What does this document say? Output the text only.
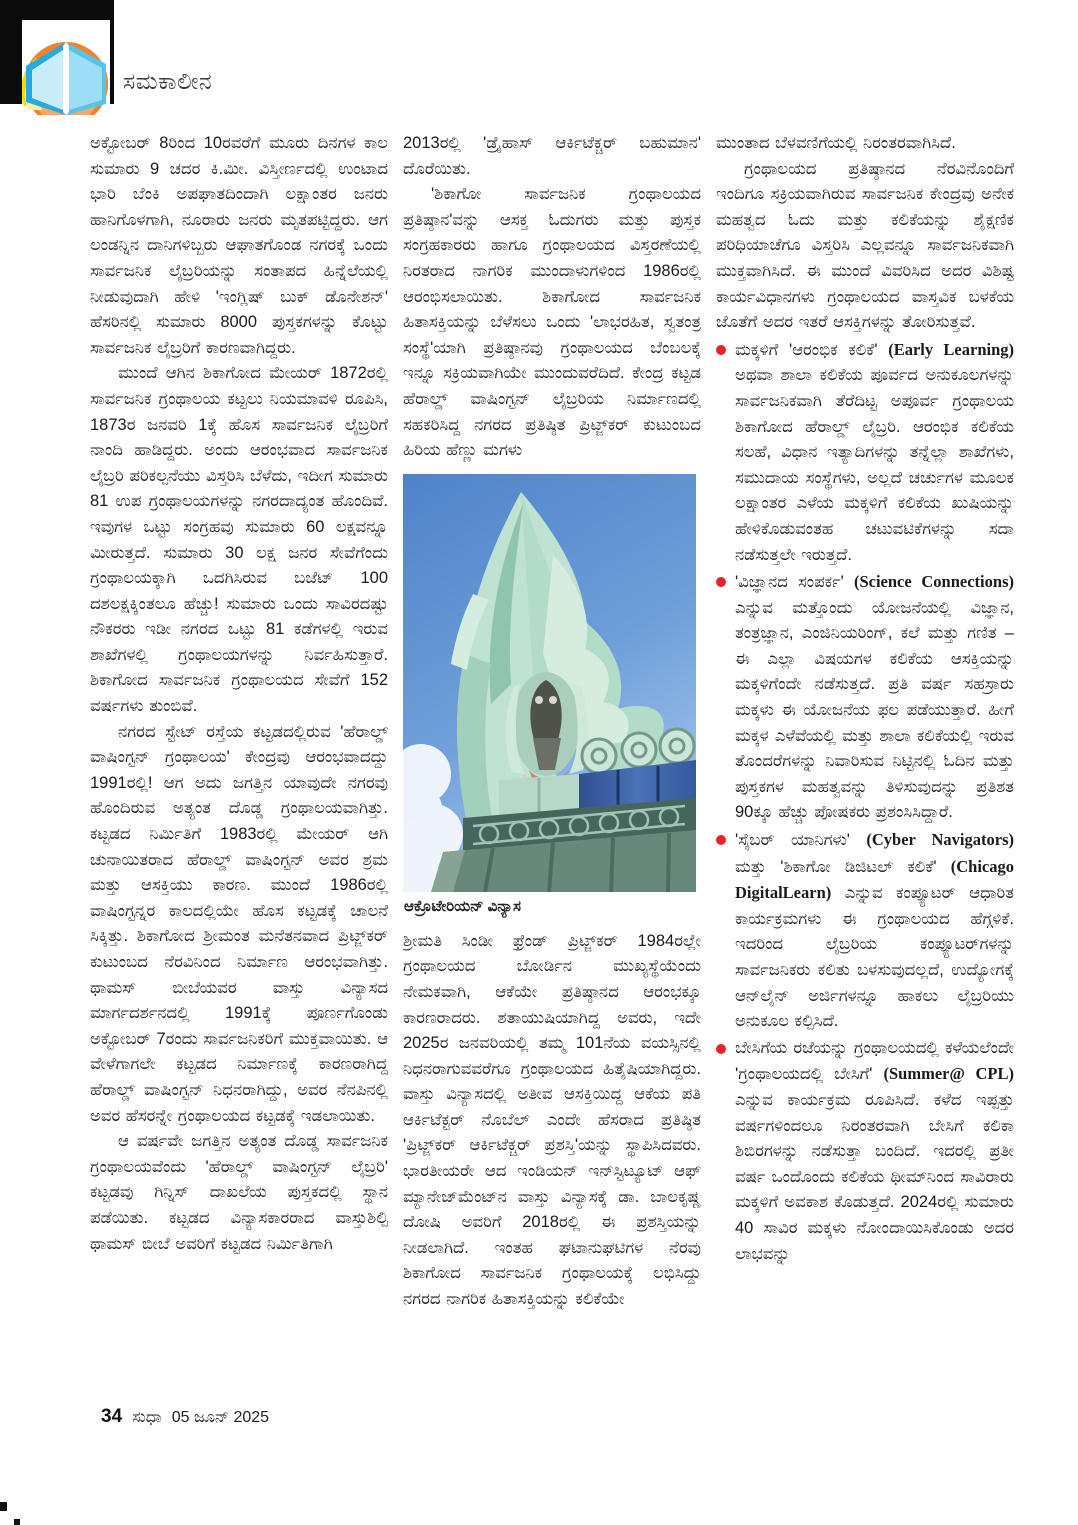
ಸಮಕಾಲೀನ

ಅಕ್ಟೋಬರ್ 8ರಿಂದ 10ರವರೆಗೆ ಮೂರು ದಿನಗಳ ಕಾಲ ಸುಮಾರು 9 ಚದರ ಕಿ.ಮೀ. ವಿಸ್ತೀರ್ಣದಲ್ಲಿ ಉಂಟಾದ ಭಾರಿ ಬೆಂಕಿ ಅಪಘಾತದಿಂದಾಗಿ ಲಕ್ಷಾಂತರ ಜನರು ಹಾನಿಗೊಳಗಾಗಿ, ನೂರಾರು ಜನರು ಮೃತಪಟ್ಟಿದ್ದರು. ಆಗ ಲಂಡನ್ನಿನ ದಾನಿಗಳಿಬ್ಬರು ಆಘಾತಗೊಂಡ ನಗರಕ್ಕೆ ಒಂದು ಸಾರ್ವಜನಿಕ ಲೈಬ್ರರಿಯನ್ನು ಸಂತಾಪದ ಹಿನ್ನೆಲೆಯಲ್ಲಿ ನೀಡುವುದಾಗಿ ಹೇಳಿ 'ಇಂಗ್ಲಿಷ್ ಬುಕ್ ಡೊನೇಶನ್' ಹೆಸರಿನಲ್ಲಿ ಸುಮಾರು 8000 ಪುಸ್ತಕಗಳನ್ನು ಕೊಟ್ಟು ಸಾರ್ವಜನಿಕ ಲೈಬ್ರರಿಗೆ ಕಾರಣವಾಗಿದ್ದರು.

ಮುಂದೆ ಆಗಿನ ಶಿಕಾಗೋದ ಮೇಯರ್ 1872ರಲ್ಲಿ ಸಾರ್ವಜನಿಕ ಗ್ರಂಥಾಲಯ ಕಟ್ಟಲು ನಿಯಮಾವಳಿ ರೂಪಿಸಿ, 1873ರ ಜನವರಿ 1ಕ್ಕೆ ಹೊಸ ಸಾರ್ವಜನಿಕ ಲೈಬ್ರರಿಗೆ ನಾಂದಿ ಹಾಡಿದ್ದರು. ಅಂದು ಆರಂಭವಾದ ಸಾರ್ವಜನಿಕ ಲೈಬ್ರರಿ ಪರಿಕಲ್ಪನೆಯು ವಿಸ್ತರಿಸಿ ಬೆಳೆದು, ಇದೀಗ ಸುಮಾರು 81 ಉಪ ಗ್ರಂಥಾಲಯಗಳನ್ನು ನಗರದಾದ್ಯಂತ ಹೊಂದಿವೆ. ಇವುಗಳ ಒಟ್ಟು ಸಂಗ್ರಹವು ಸುಮಾರು 60 ಲಕ್ಷವನ್ನೂ ಮೀರುತ್ತದೆ. ಸುಮಾರು 30 ಲಕ್ಷ ಜನರ ಸೇವೆಗೆಂದು ಗ್ರಂಥಾಲಯಕ್ಕಾಗಿ ಒದಗಿಸಿರುವ ಬಜೆಟ್ 100 ದಶಲಕ್ಷಕ್ಕಿಂತಲೂ ಹೆಚ್ಚು! ಸುಮಾರು ಒಂದು ಸಾವಿರದಷ್ಟು ನೌಕರರು ಇಡೀ ನಗರದ ಒಟ್ಟು 81 ಕಡೆಗಳಲ್ಲಿ ಇರುವ ಶಾಖೆಗಳಲ್ಲಿ ಗ್ರಂಥಾಲಯಗಳನ್ನು ನಿರ್ವಹಿಸುತ್ತಾರೆ. ಶಿಕಾಗೋದ ಸಾರ್ವಜನಿಕ ಗ್ರಂಥಾಲಯದ ಸೇವೆಗೆ 152 ವರ್ಷಗಳು ತುಂಬಿವೆ.

ನಗರದ ಸ್ಟೇಟ್ ರಸ್ತೆಯ ಕಟ್ಟಡದಲ್ಲಿರುವ 'ಹೆರಾಲ್ಡ್ ವಾಷಿಂಗ್ಟನ್ ಗ್ರಂಥಾಲಯ' ಕೇಂದ್ರವು ಆರಂಭವಾದದ್ದು 1991ರಲ್ಲಿ! ಆಗ ಅದು ಜಗತ್ತಿನ ಯಾವುದೇ ನಗರವು ಹೊಂದಿರುವ ಅತ್ಯಂತ ದೊಡ್ಡ ಗ್ರಂಥಾಲಯವಾಗಿತ್ತು. ಕಟ್ಟಡದ ನಿರ್ಮಿತಿಗೆ 1983ರಲ್ಲಿ ಮೇಯರ್ ಆಗಿ ಚುನಾಯಿತರಾದ ಹೆರಾಲ್ಡ್ ವಾಷಿಂಗ್ಟನ್ ಅವರ ಶ್ರಮ ಮತ್ತು ಆಸಕ್ತಿಯು ಕಾರಣ. ಮುಂದೆ 1986ರಲ್ಲಿ ವಾಷಿಂಗ್ಟನ್ನರ ಕಾಲದಲ್ಲಿಯೇ ಹೊಸ ಕಟ್ಟಡಕ್ಕೆ ಚಾಲನೆ ಸಿಕ್ಕಿತ್ತು. ಶಿಕಾಗೋದ ಶ್ರೀಮಂತ ಮನೆತನವಾದ ಪ್ರಿಟ್ಜ್‌ಕರ್ ಕುಟುಂಬದ ನೆರವಿನಿಂದ ನಿರ್ಮಾಣ ಆರಂಭವಾಗಿತ್ತು. ಥಾಮಸ್ ಬೀಬೆಯವರ ವಾಸ್ತು ವಿನ್ಯಾಸದ ಮಾರ್ಗದರ್ಶನದಲ್ಲಿ 1991ಕ್ಕೆ ಪೂರ್ಣಗೊಂಡು ಅಕ್ಟೋಬರ್ 7ರಂದು ಸಾರ್ವಜನಿಕರಿಗೆ ಮುಕ್ತವಾಯಿತು. ಆ ವೇಳೆಗಾಗಲೇ ಕಟ್ಟಡದ ನಿರ್ಮಾಣಕ್ಕೆ ಕಾರಣರಾಗಿದ್ದ ಹೆರಾಲ್ಡ್ ವಾಷಿಂಗ್ಟನ್ ನಿಧನರಾಗಿದ್ದು, ಅವರ ನೆನಪಿನಲ್ಲಿ ಅವರ ಹೆಸರನ್ನೇ ಗ್ರಂಥಾಲಯದ ಕಟ್ಟಡಕ್ಕೆ ಇಡಲಾಯಿತು.

ಆ ವರ್ಷವೇ ಜಗತ್ತಿನ ಅತ್ಯಂತ ದೊಡ್ಡ ಸಾರ್ವಜನಿಕ ಗ್ರಂಥಾಲಯವೆಂದು 'ಹೆರಾಲ್ಡ್ ವಾಷಿಂಗ್ಟನ್ ಲೈಬ್ರರಿ' ಕಟ್ಟಡವು ಗಿನ್ನಿಸ್ ದಾಖಲೆಯ ಪುಸ್ತಕದಲ್ಲಿ ಸ್ಥಾನ ಪಡೆಯಿತು. ಕಟ್ಟಡದ ವಿನ್ಯಾಸಕಾರರಾದ ವಾಸ್ತುಶಿಲ್ಪಿ ಥಾಮಸ್ ಬೀಬೆ ಅವರಿಗೆ ಕಟ್ಟಡದ ನಿರ್ಮಿತಿಗಾಗಿ

2013ರಲ್ಲಿ 'ಡ್ರೈಹಾಸ್ ಆರ್ಕಿಟೆಕ್ಚರ್ ಬಹುಮಾನ' ದೊರೆಯಿತು.

'ಶಿಕಾಗೋ ಸಾರ್ವಜನಿಕ ಗ್ರಂಥಾಲಯದ ಪ್ರತಿಷ್ಠಾನ'ವನ್ನು ಆಸಕ್ತ ಓದುಗರು ಮತ್ತು ಪುಸ್ತಕ ಸಂಗ್ರಹಕಾರರು ಹಾಗೂ ಗ್ರಂಥಾಲಯದ ವಿಸ್ತರಣೆಯಲ್ಲಿ ನಿರತರಾದ ನಾಗರಿಕ ಮುಂದಾಳುಗಳಿಂದ 1986ರಲ್ಲಿ ಆರಂಭಿಸಲಾಯಿತು. ಶಿಕಾಗೋದ ಸಾರ್ವಜನಿಕ ಹಿತಾಸಕ್ತಿಯನ್ನು ಬೆಳೆಸಲು ಒಂದು 'ಲಾಭರಹಿತ, ಸ್ವತಂತ್ರ ಸಂಸ್ಥೆ'ಯಾಗಿ ಪ್ರತಿಷ್ಠಾನವು ಗ್ರಂಥಾಲಯದ ಬೆಂಬಲಕ್ಕೆ ಇನ್ನೂ ಸಕ್ರಿಯವಾಗಿಯೇ ಮುಂದುವರೆದಿದೆ. ಕೇಂದ್ರ ಕಟ್ಟಡ ಹೆರಾಲ್ಡ್ ವಾಷಿಂಗ್ಟನ್ ಲೈಬ್ರರಿಯ ನಿರ್ಮಾಣದಲ್ಲಿ ಸಹಕರಿಸಿದ್ದ ನಗರದ ಪ್ರತಿಷ್ಠಿತ ಪ್ರಿಟ್ಜ್‌ಕರ್ ಕುಟುಂಬದ ಹಿರಿಯ ಹೆಣ್ಣು ಮಗಳು

ಆಕ್ರೊಟೇರಿಯನ್ ವಿನ್ಯಾಸ

ಶ್ರೀಮತಿ ಸಿಂಡೀ ಫ್ರೆಂಡ್ ಪ್ರಿಟ್ಜ್‌ಕರ್ 1984ರಲ್ಲೇ ಗ್ರಂಥಾಲಯದ ಬೋರ್ಡಿನ ಮುಖ್ಯಸ್ಥೆಯೆಂದು ನೇಮಕವಾಗಿ, ಆಕೆಯೇ ಪ್ರತಿಷ್ಠಾನದ ಆರಂಭಕ್ಕೂ ಕಾರಣರಾದರು. ಶತಾಯುಷಿಯಾಗಿದ್ದ ಅವರು, ಇದೇ 2025ರ ಜನವರಿಯಲ್ಲಿ ತಮ್ಮ 101ನೆಯ ವಯಸ್ಸಿನಲ್ಲಿ ನಿಧನರಾಗುವವರೆಗೂ ಗ್ರಂಥಾಲಯದ ಹಿತೈಷಿಯಾಗಿದ್ದರು. ವಾಸ್ತು ವಿನ್ಯಾಸದಲ್ಲಿ ಅತೀವ ಆಸಕ್ತಿಯಿದ್ದ ಆಕೆಯ ಪತಿ ಆರ್ಕಿಟೆಕ್ಟರ್ ನೊಬೆಲ್ ಎಂದೇ ಹೆಸರಾದ ಪ್ರತಿಷ್ಠಿತ 'ಪ್ರಿಟ್ಜ್‌ಕರ್ ಆರ್ಕಿಟೆಕ್ಚರ್ ಪ್ರಶಸ್ತಿ'ಯನ್ನು ಸ್ಥಾಪಿಸಿದವರು. ಭಾರತೀಯರೇ ಆದ ಇಂಡಿಯನ್ ಇನ್‌ಸ್ಟಿಟ್ಯೂಟ್ ಆಫ್ ಮ್ಯಾನೇಜ್‌ಮೆಂಟ್‌ನ ವಾಸ್ತು ವಿನ್ಯಾಸಕ್ಕೆ ಡಾ. ಬಾಲಕೃಷ್ಣ ದೋಷಿ ಅವರಿಗೆ 2018ರಲ್ಲಿ ಈ ಪ್ರಶಸ್ತಿಯನ್ನು ನೀಡಲಾಗಿದೆ. ಇಂತಹ ಘಟಾನುಘಟಿಗಳ ನೆರವು ಶಿಕಾಗೋದ ಸಾರ್ವಜನಿಕ ಗ್ರಂಥಾಲಯಕ್ಕೆ ಲಭಿಸಿದ್ದು ನಗರದ ನಾಗರಿಕ ಹಿತಾಸಕ್ತಿಯನ್ನು ಕಲಿಕೆಯೇ

ಮುಂತಾದ ಬೆಳವಣಿಗೆಯಲ್ಲಿ ನಿರಂತರವಾಗಿಸಿದೆ.

ಗ್ರಂಥಾಲಯದ ಪ್ರತಿಷ್ಠಾನದ ನೆರವಿನೊಂದಿಗೆ ಇಂದಿಗೂ ಸಕ್ರಿಯವಾಗಿರುವ ಸಾರ್ವಜನಿಕ ಕೇಂದ್ರವು ಅನೇಕ ಮಹತ್ವದ ಓದು ಮತ್ತು ಕಲಿಕೆಯನ್ನು ಶೈಕ್ಷಣಿಕ ಪರಿಧಿಯಾಚೆಗೂ ವಿಸ್ತರಿಸಿ ಎಲ್ಲವನ್ನೂ ಸಾರ್ವಜನಿಕವಾಗಿ ಮುಕ್ತವಾಗಿಸಿದೆ. ಈ ಮುಂದೆ ವಿವರಿಸಿದ ಅದರ ವಿಶಿಷ್ಟ ಕಾರ್ಯವಿಧಾನಗಳು ಗ್ರಂಥಾಲಯದ ವಾಸ್ತವಿಕ ಬಳಕೆಯ ಜೊತೆಗೆ ಅದರ ಇತರೆ ಆಸಕ್ತಿಗಳನ್ನು ತೋರಿಸುತ್ತವೆ.

ಮಕ್ಕಳಿಗೆ 'ಆರಂಭಿಕ ಕಲಿಕೆ' (Early Learning) ಅಥವಾ ಶಾಲಾ ಕಲಿಕೆಯ ಪೂರ್ವದ ಅನುಕೂಲಗಳನ್ನು ಸಾರ್ವಜನಿಕವಾಗಿ ತೆರೆದಿಟ್ಟ ಅಪೂರ್ವ ಗ್ರಂಥಾಲಯ ಶಿಕಾಗೋದ ಹೆರಾಲ್ಡ್ ಲೈಬ್ರರಿ. ಆರಂಭಿಕ ಕಲಿಕೆಯ ಸಲಹೆ, ವಿಧಾನ ಇತ್ಯಾದಿಗಳನ್ನು ತನ್ನೆಲ್ಲಾ ಶಾಖೆಗಳು, ಸಮುದಾಯ ಸಂಸ್ಥೆಗಳು, ಅಲ್ಲದೆ ಚರ್ಚುಗಳ ಮೂಲಕ ಲಕ್ಷಾಂತರ ಎಳೆಯ ಮಕ್ಕಳಿಗೆ ಕಲಿಕೆಯ ಖುಷಿಯನ್ನು ಹೇಳಿಕೊಡುವಂತಹ ಚಟುವಟಿಕೆಗಳನ್ನು ಸದಾ ನಡೆಸುತ್ತಲೇ ಇರುತ್ತದೆ.
'ವಿಜ್ಞಾನದ ಸಂಪರ್ಕ' (Science Connections) ಎನ್ನುವ ಮತ್ತೊಂದು ಯೋಜನೆಯಲ್ಲಿ ವಿಜ್ಞಾನ, ತಂತ್ರಜ್ಞಾನ, ಎಂಜಿನಿಯರಿಂಗ್, ಕಲೆ ಮತ್ತು ಗಣಿತ – ಈ ಎಲ್ಲಾ ವಿಷಯಗಳ ಕಲಿಕೆಯ ಆಸಕ್ತಿಯನ್ನು ಮಕ್ಕಳಿಗೆಂದೇ ನಡೆಸುತ್ತದೆ. ಪ್ರತಿ ವರ್ಷ ಸಹಸ್ರಾರು ಮಕ್ಕಳು ಈ ಯೋಜನೆಯ ಫಲ ಪಡೆಯುತ್ತಾರೆ. ಹೀಗೆ ಮಕ್ಕಳ ಎಳೆವೆಯಲ್ಲಿ ಮತ್ತು ಶಾಲಾ ಕಲಿಕೆಯಲ್ಲಿ ಇರುವ ತೊಂದರೆಗಳನ್ನು ನಿವಾರಿಸುವ ನಿಟ್ಟಿನಲ್ಲಿ ಓದಿನ ಮತ್ತು ಪುಸ್ತಕಗಳ ಮಹತ್ವವನ್ನು ತಿಳಿಸುವುದನ್ನು ಪ್ರತಿಶತ 90ಕ್ಕೂ ಹೆಚ್ಚು ಪೋಷಕರು ಪ್ರಶಂಸಿಸಿದ್ದಾರೆ.
'ಸೈಬರ್ ಯಾನಿಗಳು' (Cyber Navigators) ಮತ್ತು 'ಶಿಕಾಗೋ ಡಿಜಿಟಲ್ ಕಲಿಕೆ' (Chicago DigitalLearn) ಎನ್ನುವ ಕಂಪ್ಯೂಟರ್ ಆಧಾರಿತ ಕಾರ್ಯಕ್ರಮಗಳು ಈ ಗ್ರಂಥಾಲಯದ ಹೆಗ್ಗಳಿಕೆ. ಇದರಿಂದ ಲೈಬ್ರರಿಯ ಕಂಪ್ಯೂಟರ್‌ಗಳನ್ನು ಸಾರ್ವಜನಿಕರು ಕಲಿತು ಬಳಸುವುದಲ್ಲದೆ, ಉದ್ಯೋಗಕ್ಕೆ ಆನ್‌ಲೈನ್ ಅರ್ಜಿಗಳನ್ನೂ ಹಾಕಲು ಲೈಬ್ರರಿಯು ಅನುಕೂಲ ಕಲ್ಪಿಸಿದೆ.
ಬೇಸಿಗೆಯ ರಜೆಯನ್ನು ಗ್ರಂಥಾಲಯದಲ್ಲಿ ಕಳೆಯಲೆಂದೇ 'ಗ್ರಂಥಾಲಯದಲ್ಲಿ ಬೇಸಿಗೆ' (Summer@ CPL) ಎನ್ನುವ ಕಾರ್ಯಕ್ರಮ ರೂಪಿಸಿದೆ. ಕಳೆದ ಇಪ್ಪತ್ತು ವರ್ಷಗಳಿಂದಲೂ ನಿರಂತರವಾಗಿ ಬೇಸಿಗೆ ಕಲಿಕಾ ಶಿಬಿರಗಳನ್ನು ನಡೆಸುತ್ತಾ ಬಂದಿದೆ. ಇದರಲ್ಲಿ ಪ್ರತೀ ವರ್ಷ ಒಂದೊಂದು ಕಲಿಕೆಯ ಥೀಮ್‌ನಿಂದ ಸಾವಿರಾರು ಮಕ್ಕಳಿಗೆ ಅವಕಾಶ ಕೊಡುತ್ತದೆ. 2024ರಲ್ಲಿ ಸುಮಾರು 40 ಸಾವಿರ ಮಕ್ಕಳು ನೋಂದಾಯಿಸಿಕೊಂಡು ಅದರ ಲಾಭವನ್ನು
34 ಸುಧಾ 05 ಜೂನ್ 2025
